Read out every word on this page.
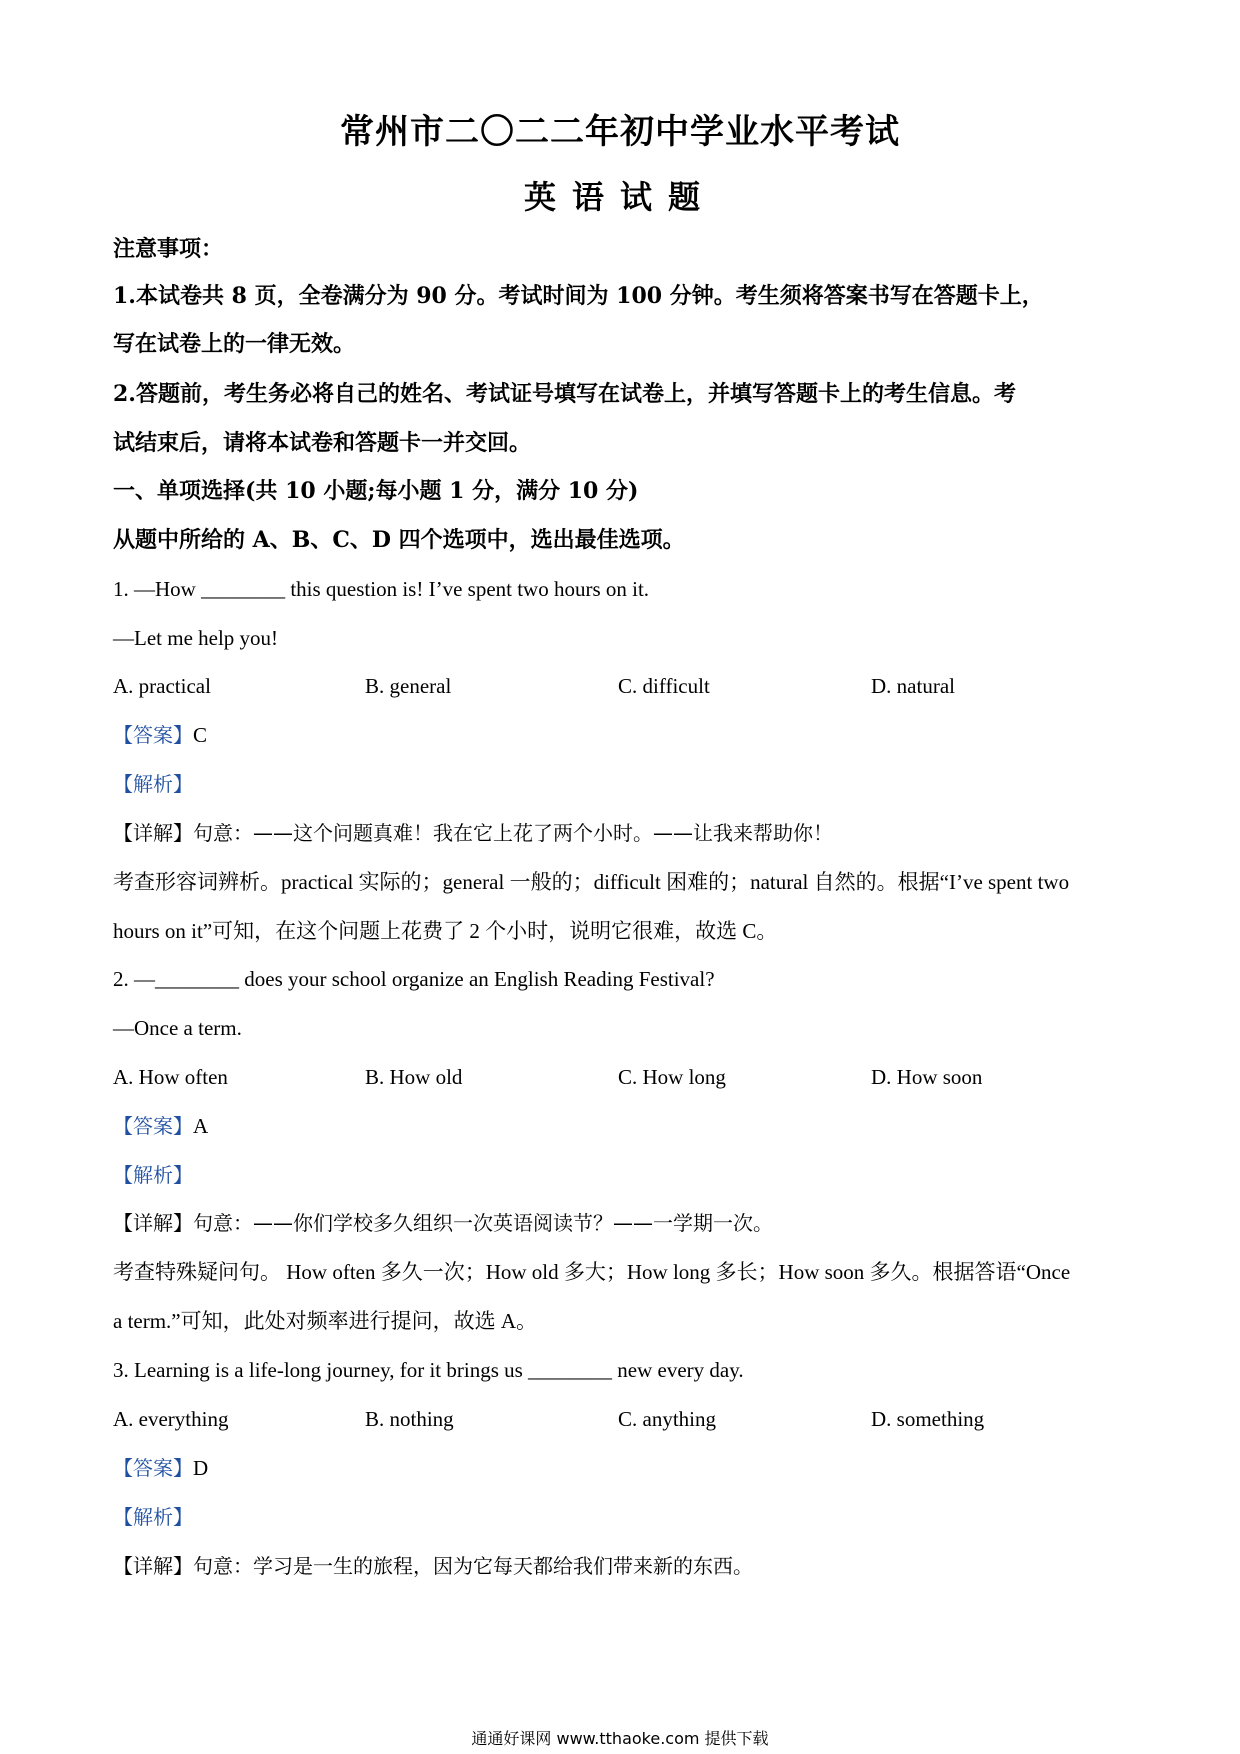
常州市二〇二二年初中学业水平考试
英语试题
注意事项：
1.本试卷共 8 页，全卷满分为 90 分。考试时间为 100 分钟。考生须将答案书写在答题卡上，
写在试卷上的一律无效。
2.答题前，考生务必将自己的姓名、考试证号填写在试卷上，并填写答题卡上的考生信息。考
试结束后，请将本试卷和答题卡一并交回。
一、单项选择(共 10 小题;每小题 1 分，满分 10 分)
从题中所给的 A、B、C、D 四个选项中，选出最佳选项。
1. —How ________ this question is! I’ve spent two hours on it.
—Let me help you!
A. practical	B. general	C. difficult	D. natural
【答案】C
【解析】
【详解】句意：——这个问题真难！我在它上花了两个小时。——让我来帮助你！
考查形容词辨析。practical 实际的；general 一般的；difficult 困难的；natural 自然的。根据“I’ve spent two
hours on it”可知，在这个问题上花费了 2 个小时，说明它很难，故选 C。
2. —________ does your school organize an English Reading Festival?
—Once a term.
A. How often	B. How old	C. How long	D. How soon
【答案】A
【解析】
【详解】句意：——你们学校多久组织一次英语阅读节？——一学期一次。
考查特殊疑问句。 How often 多久一次；How old 多大；How long 多长；How soon 多久。根据答语“Once
a term.”可知，此处对频率进行提问，故选 A。
3. Learning is a life-long journey, for it brings us ________ new every day.
A. everything	B. nothing	C. anything	D. something
【答案】D
【解析】
【详解】句意：学习是一生的旅程，因为它每天都给我们带来新的东西。
通通好课网 www.tthaoke.com 提供下载
